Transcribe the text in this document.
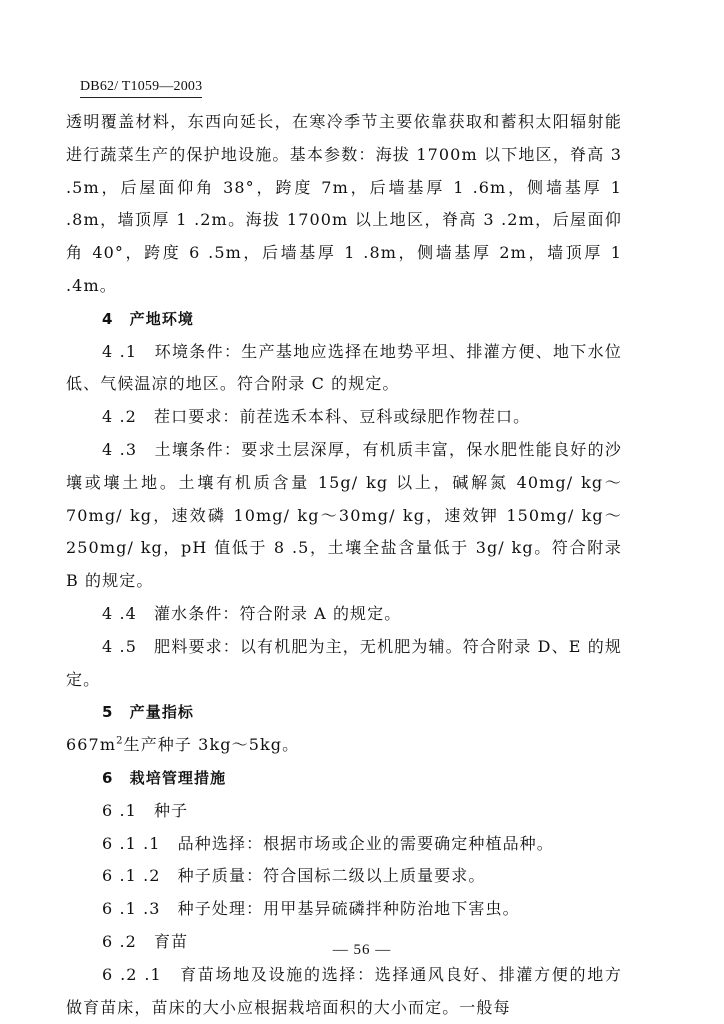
DB62/ T1059—2003

透明覆盖材料，东西向延长，在寒冷季节主要依靠获取和蓄积太阳辐射能进行蔬菜生产的保护地设施。基本参数：海拔 1700m 以下地区，脊高 3 .5m，后屋面仰角 38°，跨度 7m，后墙基厚 1 .6m，侧墙基厚 1 .8m，墙顶厚 1 .2m。海拔 1700m 以上地区，脊高 3 .2m，后屋面仰角 40°，跨度 6 .5m，后墙基厚 1 .8m，侧墙基厚 2m，墙顶厚 1 .4m。

4　产地环境

4 .1　环境条件：生产基地应选择在地势平坦、排灌方便、地下水位低、气候温凉的地区。符合附录 C 的规定。

4 .2　茬口要求：前茬选禾本科、豆科或绿肥作物茬口。

4 .3　土壤条件：要求土层深厚，有机质丰富，保水肥性能良好的沙壤或壤土地。土壤有机质含量 15g/ kg 以上，碱解氮 40mg/ kg～70mg/ kg，速效磷 10mg/ kg～30mg/ kg，速效钾 150mg/ kg～250mg/ kg，pH 值低于 8 .5，土壤全盐含量低于 3g/ kg。符合附录 B 的规定。

4 .4　灌水条件：符合附录 A 的规定。

4 .5　肥料要求：以有机肥为主，无机肥为辅。符合附录 D、E 的规定。

5　产量指标

$667m^2$生产种子 3kg～5kg。

6　栽培管理措施

6 .1　种子

6 .1 .1　品种选择：根据市场或企业的需要确定种植品种。

6 .1 .2　种子质量：符合国标二级以上质量要求。

6 .1 .3　种子处理：用甲基异硫磷拌种防治地下害虫。

6 .2　育苗

6 .2 .1　育苗场地及设施的选择：选择通风良好、排灌方便的地方做育苗床，苗床的大小应根据栽培面积的大小而定。一般每

— 56 —
